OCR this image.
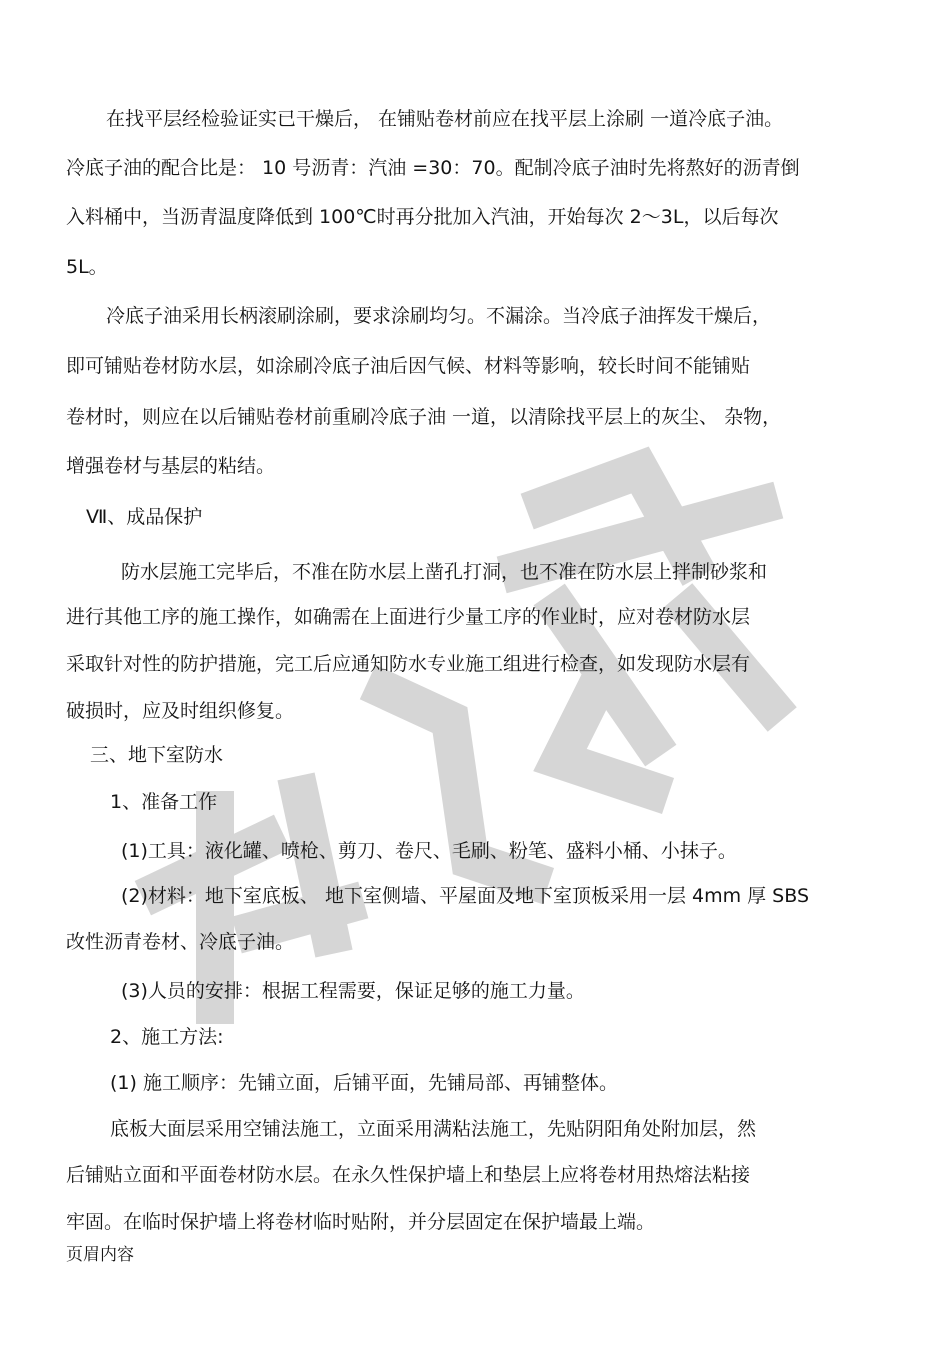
在找平层经检验证实已干燥后， 在铺贴卷材前应在找平层上涂刷 一道冷底子油。
冷底子油的配合比是： 10 号沥青：汽油 =30：70。配制冷底子油时先将熬好的沥青倒
入料桶中，当沥青温度降低到 100℃时再分批加入汽油，开始每次 2～3L，以后每次
5L。
冷底子油采用长柄滚刷涂刷，要求涂刷均匀。不漏涂。当冷底子油挥发干燥后，
即可铺贴卷材防水层，如涂刷冷底子油后因气候、材料等影响，较长时间不能铺贴
卷材时，则应在以后铺贴卷材前重刷冷底子油 一道，以清除找平层上的灰尘、 杂物，
增强卷材与基层的粘结。
Ⅶ、成品保护
防水层施工完毕后，不准在防水层上凿孔打洞，也不准在防水层上拌制砂浆和
进行其他工序的施工操作，如确需在上面进行少量工序的作业时，应对卷材防水层
采取针对性的防护措施，完工后应通知防水专业施工组进行检查，如发现防水层有
破损时，应及时组织修复。
三、地下室防水
1、准备工作
(1)工具：液化罐、喷枪、剪刀、卷尺、毛刷、粉笔、盛料小桶、小抹子。
(2)材料：地下室底板、 地下室侧墙、平屋面及地下室顶板采用一层 4mm 厚 SBS
改性沥青卷材、冷底子油。
(3)人员的安排：根据工程需要，保证足够的施工力量。
2、施工方法:
(1) 施工顺序：先铺立面，后铺平面，先铺局部、再铺整体。
底板大面层采用空铺法施工，立面采用满粘法施工，先贴阴阳角处附加层，然
后铺贴立面和平面卷材防水层。在永久性保护墙上和垫层上应将卷材用热熔法粘接
牢固。在临时保护墙上将卷材临时贴附，并分层固定在保护墙最上端。
页眉内容
